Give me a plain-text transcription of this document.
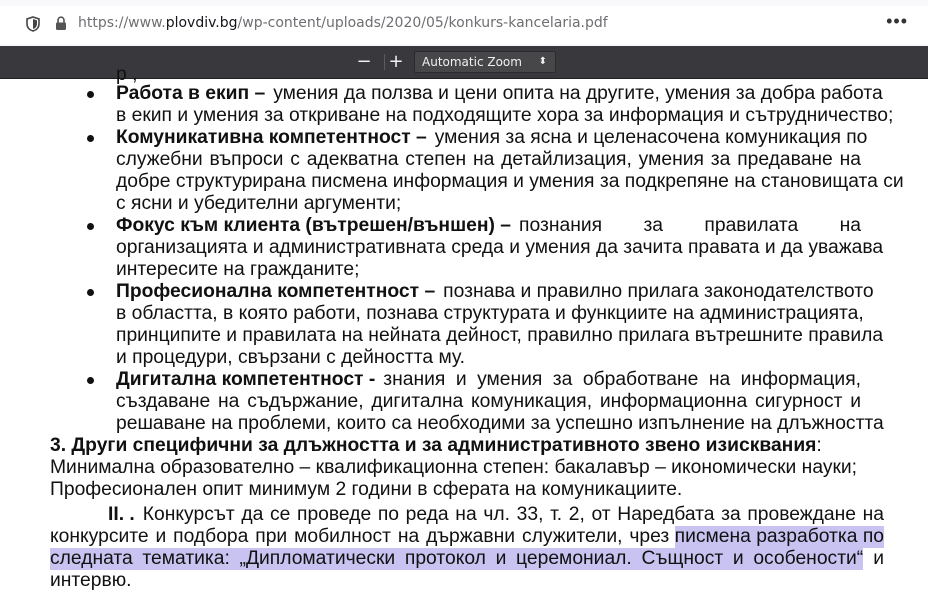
https://www.plovdiv.bg/wp-content/uploads/2020/05/konkurs-kancelaria.pdf	•••
− +	Automatic Zoom ⬍
р ,
Работа в екип – умения да ползва и цени опита на другите, умения за добра работа
в екип и умения за откриване на подходящите хора за информация и сътрудничество;
Комуникативна компетентност – умения за ясна и целенасочена комуникация по
служебни въпроси с адекватна степен на детайлизация, умения за предаване на
добре структурирана писмена информация и умения за подкрепяне на становищата си
с ясни и убедителни аргументи;
Фокус към клиента (вътрешен/външен) – познания за правилата на
организацията и административната среда и умения да зачита правата и да уважава
интересите на гражданите;
Професионална компетентност – познава и правилно прилага законодателството
в областта, в която работи, познава структурата и функциите на администрацията,
принципите и правилата на нейната дейност, правилно прилага вътрешните правила
и процедури, свързани с дейността му.
Дигитална компетентност - знания и умения за обработване на информация,
създаване на съдържание, дигитална комуникация, информационна сигурност и
решаване на проблеми, които са необходими за успешно изпълнение на длъжността
3. Други специфични за длъжността и за административното звено изисквания:
Минимална образователно – квалификационна степен: бакалавър – икономически науки;
Професионален опит минимум 2 години в сферата на комуникациите.
II. . Конкурсът да се проведе по реда на чл. 33, т. 2, от Наредбата за провеждане на
конкурсите и подбора при мобилност на държавни служители, чрез писмена разработка по
следната тематика: „Дипломатически протокол и церемониал. Същност и особености“ и
интервю.
